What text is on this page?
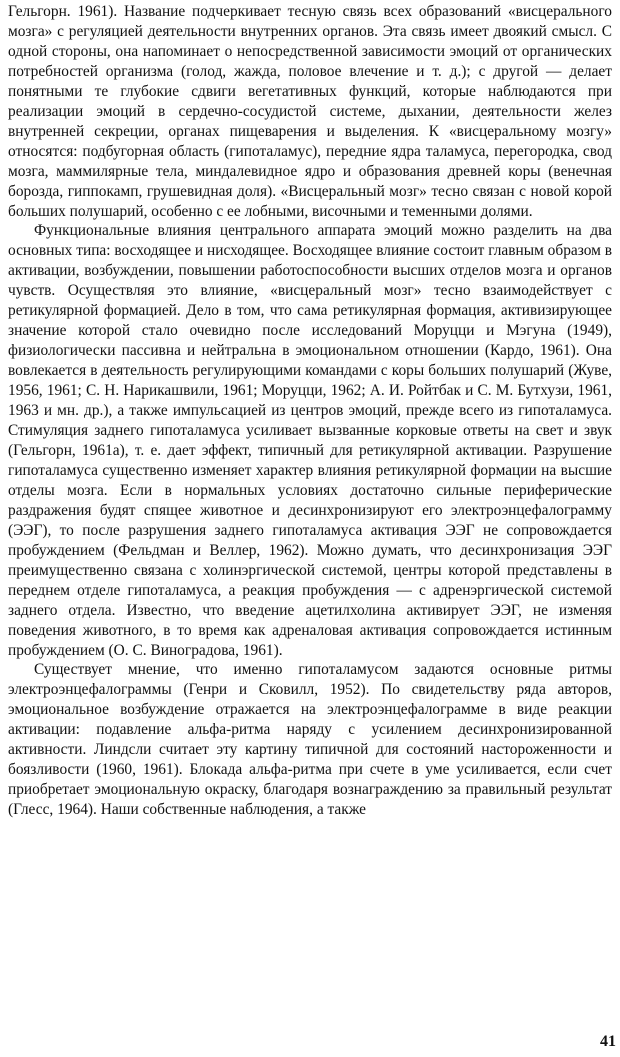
Гельгорн. 1961). Название подчеркивает тесную связь всех образований «висцерального мозга» с регуляцией деятельности внутренних органов. Эта связь имеет двоякий смысл. С одной стороны, она напоминает о непосредственной зависимости эмоций от органических потребностей организма (голод, жажда, половое влечение и т. д.); с другой — делает понятными те глубокие сдвиги вегетативных функций, которые наблюдаются при реализации эмоций в сердечно-сосудистой системе, дыхании, деятельности желез внутренней секреции, органах пищеварения и выделения. К «висцеральному мозгу» относятся: подбугорная область (гипоталамус), передние ядра таламуса, перегородка, свод мозга, маммилярные тела, миндалевидное ядро и образования древней коры (венечная борозда, гиппокамп, грушевидная доля). «Висцеральный мозг» тесно связан с новой корой больших полушарий, особенно с ее лобными, височными и теменными долями.

Функциональные влияния центрального аппарата эмоций можно разделить на два основных типа: восходящее и нисходящее. Восходящее влияние состоит главным образом в активации, возбуждении, повышении работоспособности высших отделов мозга и органов чувств. Осуществляя это влияние, «висцеральный мозг» тесно взаимодействует с ретикулярной формацией. Дело в том, что сама ретикулярная формация, активизирующее значение которой стало очевидно после исследований Моруцци и Мэгуна (1949), физиологически пассивна и нейтральна в эмоциональном отношении (Кардо, 1961). Она вовлекается в деятельность регулирующими командами с коры больших полушарий (Жуве, 1956, 1961; С. Н. Нарикашвили, 1961; Моруцци, 1962; А. И. Ройтбак и С. М. Бутхузи, 1961, 1963 и мн. др.), а также импульсацией из центров эмоций, прежде всего из гипоталамуса. Стимуляция заднего гипоталамуса усиливает вызванные корковые ответы на свет и звук (Гельгорн, 1961а), т. е. дает эффект, типичный для ретикулярной активации. Разрушение гипоталамуса существенно изменяет характер влияния ретикулярной формации на высшие отделы мозга. Если в нормальных условиях достаточно сильные периферические раздражения будят спящее животное и десинхронизируют его электроэнцефалограмму (ЭЭГ), то после разрушения заднего гипоталамуса активация ЭЭГ не сопровождается пробуждением (Фельдман и Веллер, 1962). Можно думать, что десинхронизация ЭЭГ преимущественно связана с холинэргической системой, центры которой представлены в переднем отделе гипоталамуса, а реакция пробуждения — с адренэргической системой заднего отдела. Известно, что введение ацетилхолина активирует ЭЭГ, не изменяя поведения животного, в то время как адреналовая активация сопровождается истинным пробуждением (О. С. Виноградова, 1961).

Существует мнение, что именно гипоталамусом задаются основные ритмы электроэнцефалограммы (Генри и Сковилл, 1952). По свидетельству ряда авторов, эмоциональное возбуждение отражается на электроэнцефалограмме в виде реакции активации: подавление альфа-ритма наряду с усилением десинхронизированной активности. Линдсли считает эту картину типичной для состояний настороженности и боязливости (1960, 1961). Блокада альфа-ритма при счете в уме усиливается, если счет приобретает эмоциональную окраску, благодаря вознаграждению за правильный результат (Глесс, 1964). Наши собственные наблюдения, а также

41
